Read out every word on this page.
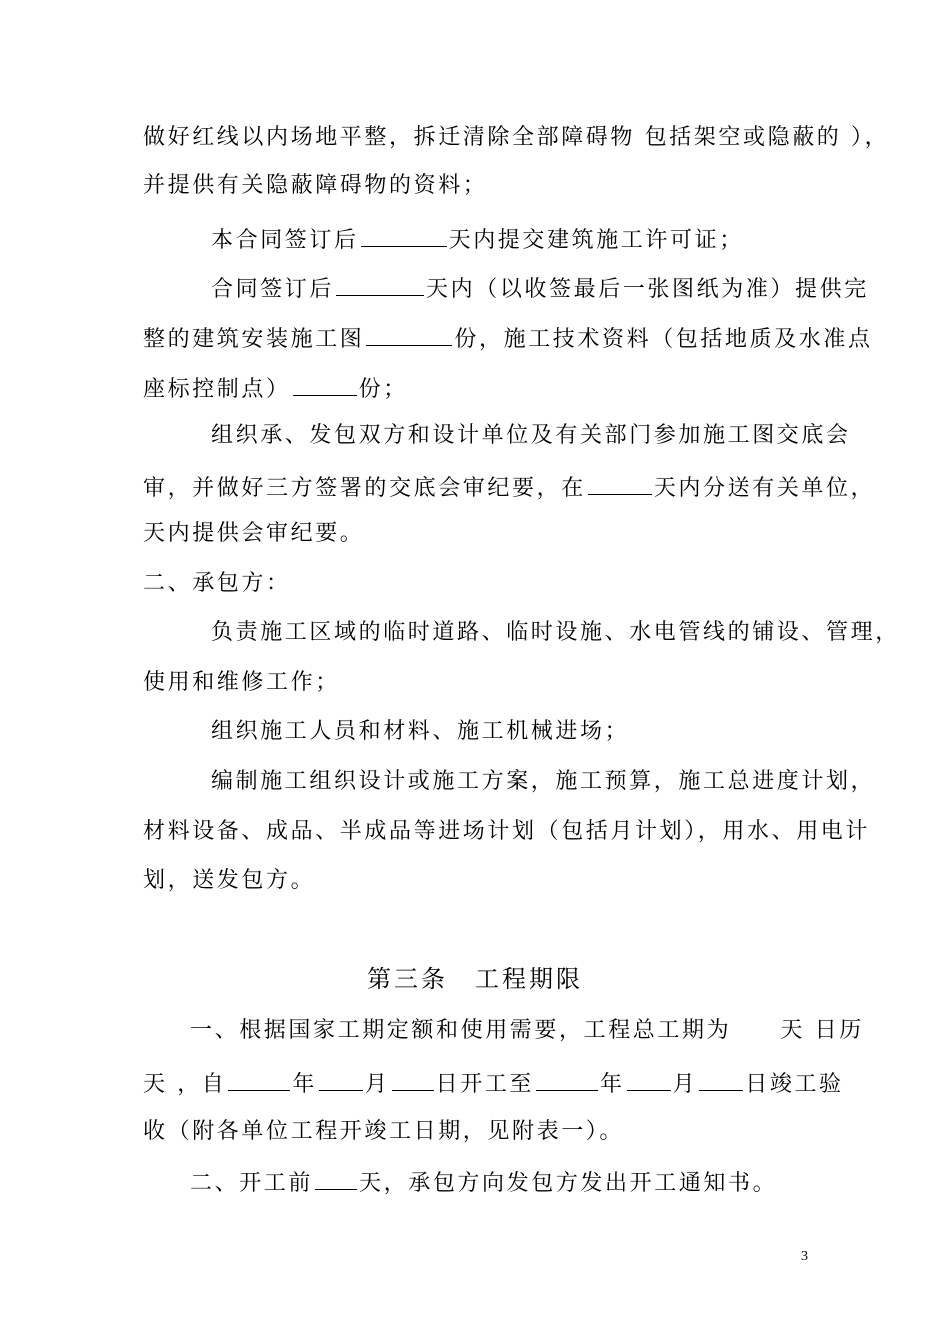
做好红线以内场地平整，拆迁清除全部障碍物 包括架空或隐蔽的 ），
并提供有关隐蔽障碍物的资料；
本合同签订后	天内提交建筑施工许可证；
合同签订后	天内（以收签最后一张图纸为准）提供完
整的建筑安装施工图	份，施工技术资料（包括地质及水准点
座标控制点）	份；
组织承、发包双方和设计单位及有关部门参加施工图交底会
审，并做好三方签署的交底会审纪要，在	天内分送有关单位，
天内提供会审纪要。
二、承包方：
负责施工区域的临时道路、临时设施、水电管线的铺设、管理，
使用和维修工作；
组织施工人员和材料、施工机械进场；
编制施工组织设计或施工方案，施工预算，施工总进度计划，
材料设备、成品、半成品等进场计划（包括月计划），用水、用电计
划，送发包方。
第三条　工程期限
一、根据国家工期定额和使用需要，工程总工期为　　天 日历
天 ，自	年 月 日开工至	年 月 日竣工验
收（附各单位工程开竣工日期，见附表一）。
二、开工前 天，承包方向发包方发出开工通知书。
3
